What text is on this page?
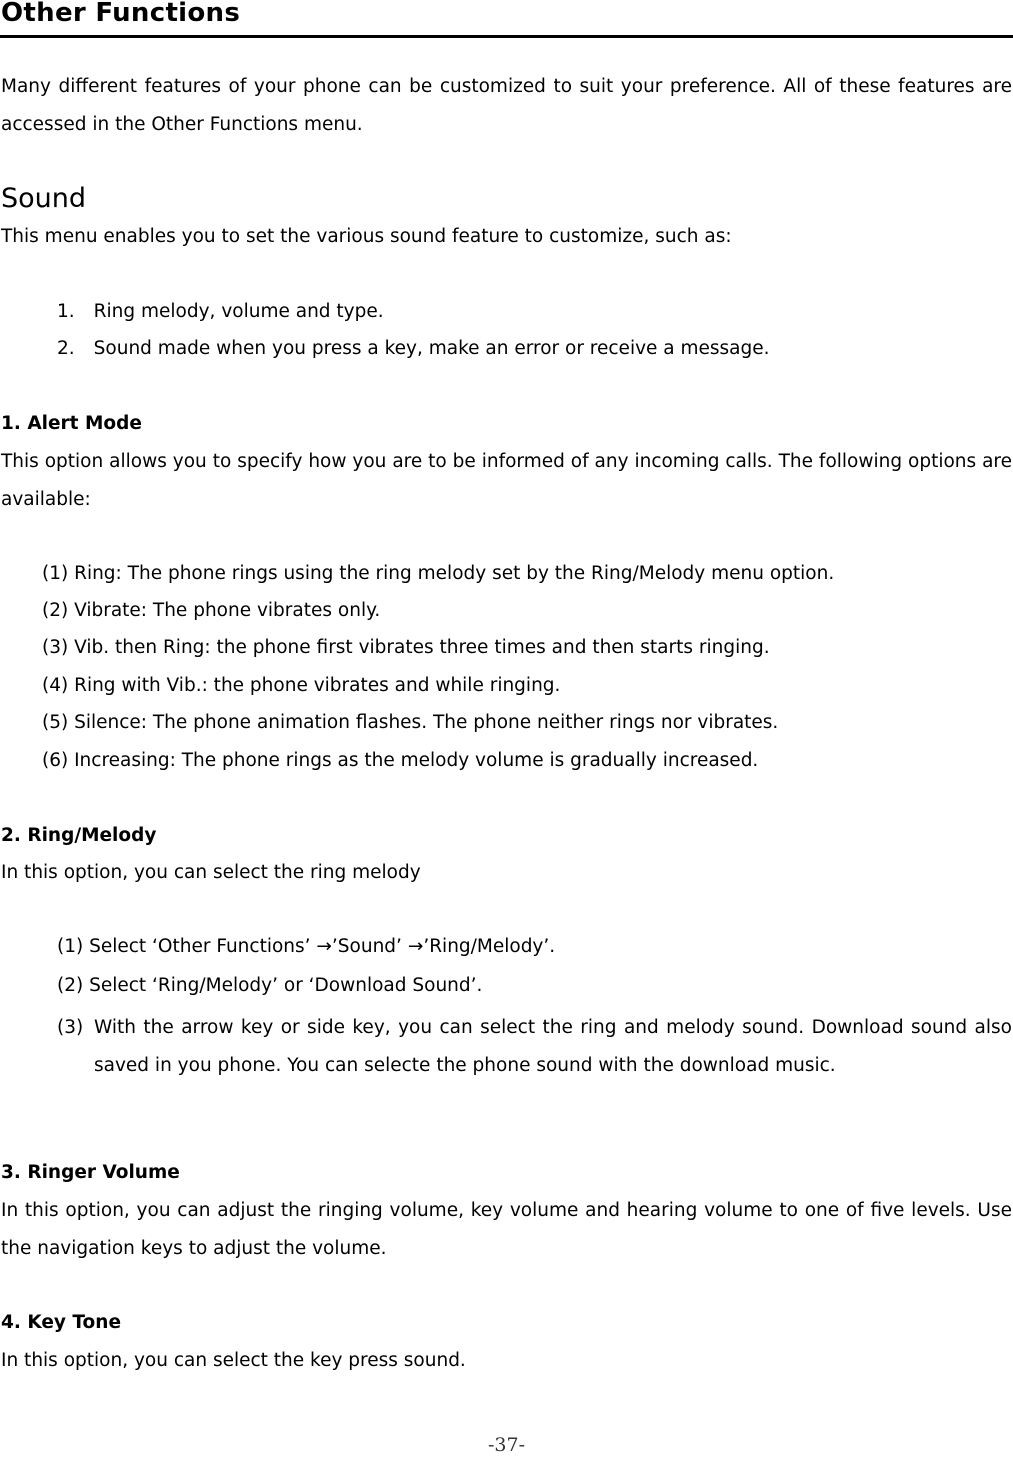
Other Functions
Many different features of your phone can be customized to suit your preference. All of these features are accessed in the Other Functions menu.
Sound
This menu enables you to set the various sound feature to customize, such as:
1. Ring melody, volume and type.
2. Sound made when you press a key, make an error or receive a message.
1. Alert Mode
This option allows you to specify how you are to be informed of any incoming calls. The following options are available:
(1) Ring: The phone rings using the ring melody set by the Ring/Melody menu option.
(2) Vibrate: The phone vibrates only.
(3) Vib. then Ring: the phone first vibrates three times and then starts ringing.
(4) Ring with Vib.: the phone vibrates and while ringing.
(5) Silence: The phone animation flashes. The phone neither rings nor vibrates.
(6) Increasing: The phone rings as the melody volume is gradually increased.
2. Ring/Melody
In this option, you can select the ring melody
(1) Select ‘Other Functions’ →’Sound’ →’Ring/Melody’.
(2) Select ‘Ring/Melody’ or ‘Download Sound’.
(3) With the arrow key or side key, you can select the ring and melody sound. Download sound also saved in you phone. You can selecte the phone sound with the download music.
3. Ringer Volume
In this option, you can adjust the ringing volume, key volume and hearing volume to one of five levels. Use the navigation keys to adjust the volume.
4. Key Tone
In this option, you can select the key press sound.
-37-
